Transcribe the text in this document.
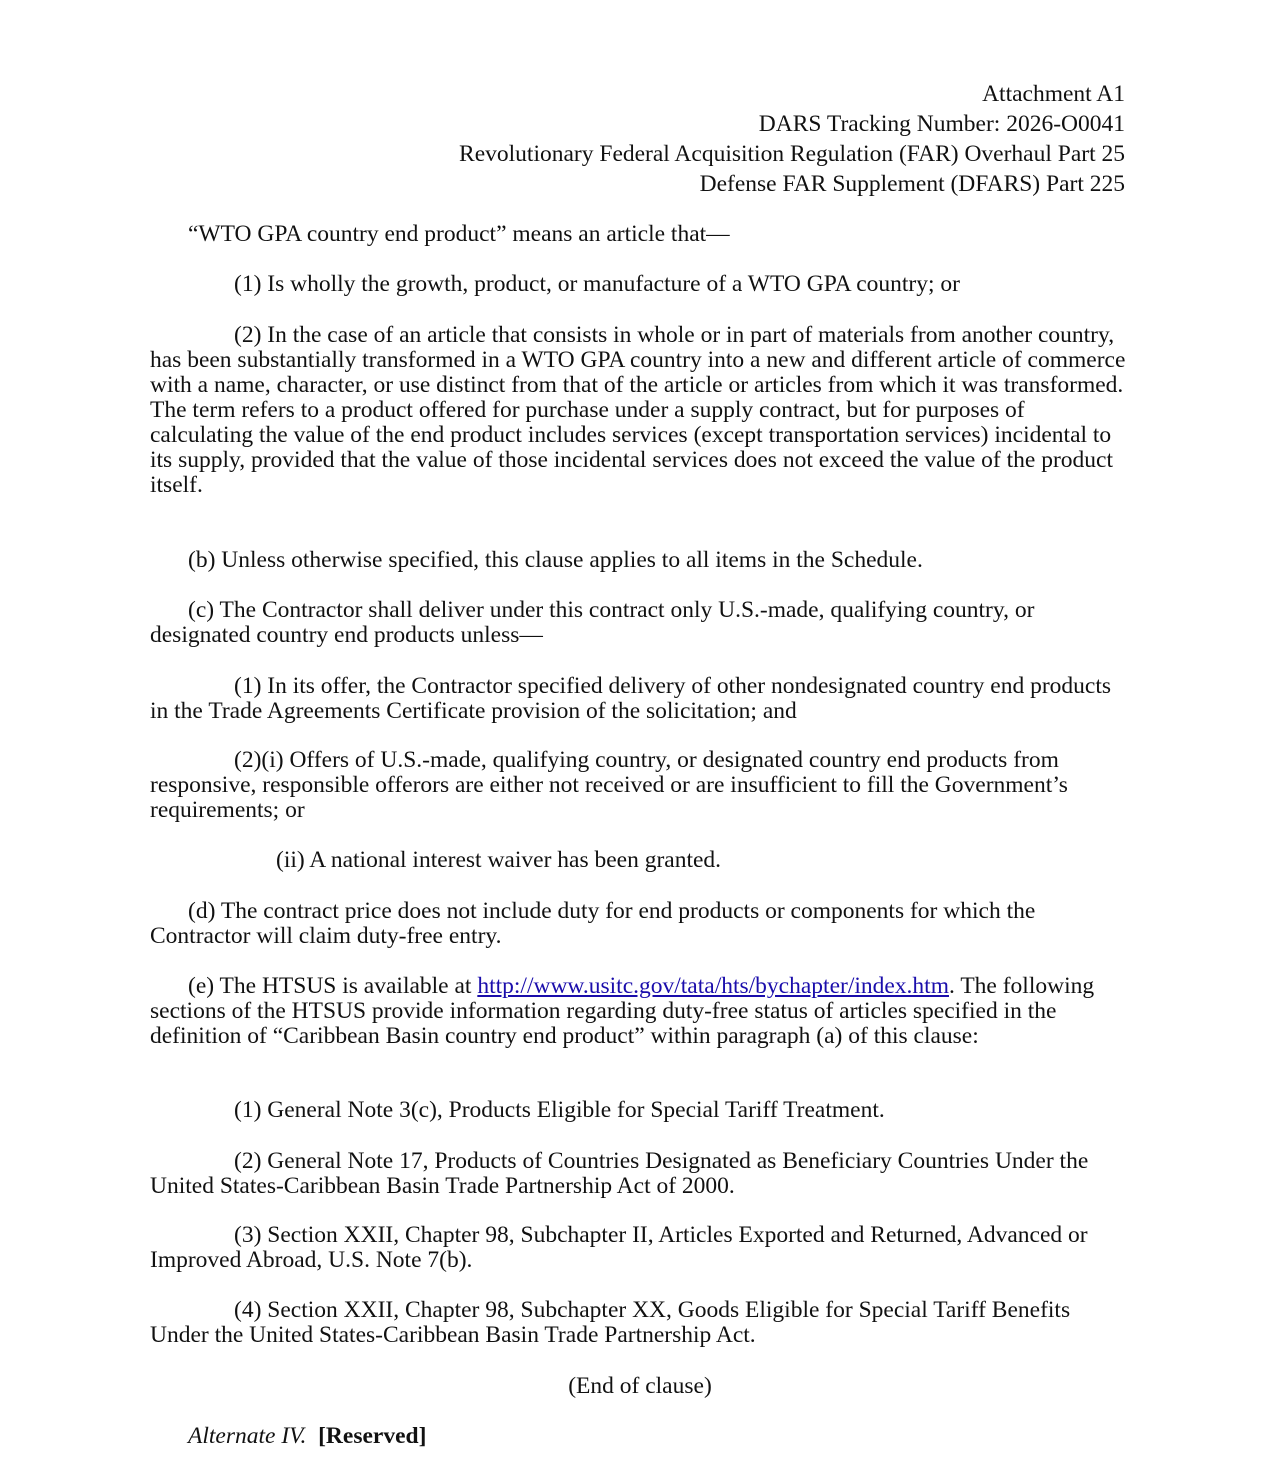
Attachment A1
DARS Tracking Number: 2026-O0041
Revolutionary Federal Acquisition Regulation (FAR) Overhaul Part 25
Defense FAR Supplement (DFARS) Part 225

“WTO GPA country end product” means an article that—

(1) Is wholly the growth, product, or manufacture of a WTO GPA country; or

(2) In the case of an article that consists in whole or in part of materials from another country, has been substantially transformed in a WTO GPA country into a new and different article of commerce with a name, character, or use distinct from that of the article or articles from which it was transformed. The term refers to a product offered for purchase under a supply contract, but for purposes of calculating the value of the end product includes services (except transportation services) incidental to its supply, provided that the value of those incidental services does not exceed the value of the product itself.

(b) Unless otherwise specified, this clause applies to all items in the Schedule.

(c) The Contractor shall deliver under this contract only U.S.-made, qualifying country, or designated country end products unless—

(1) In its offer, the Contractor specified delivery of other nondesignated country end products in the Trade Agreements Certificate provision of the solicitation; and

(2)(i) Offers of U.S.-made, qualifying country, or designated country end products from responsive, responsible offerors are either not received or are insufficient to fill the Government’s requirements; or

(ii) A national interest waiver has been granted.

(d) The contract price does not include duty for end products or components for which the Contractor will claim duty-free entry.

(e) The HTSUS is available at http://www.usitc.gov/tata/hts/bychapter/index.htm. The following sections of the HTSUS provide information regarding duty-free status of articles specified in the definition of “Caribbean Basin country end product” within paragraph (a) of this clause:

(1) General Note 3(c), Products Eligible for Special Tariff Treatment.

(2) General Note 17, Products of Countries Designated as Beneficiary Countries Under the United States-Caribbean Basin Trade Partnership Act of 2000.

(3) Section XXII, Chapter 98, Subchapter II, Articles Exported and Returned, Advanced or Improved Abroad, U.S. Note 7(b).

(4) Section XXII, Chapter 98, Subchapter XX, Goods Eligible for Special Tariff Benefits Under the United States-Caribbean Basin Trade Partnership Act.

(End of clause)

Alternate IV. [Reserved]
